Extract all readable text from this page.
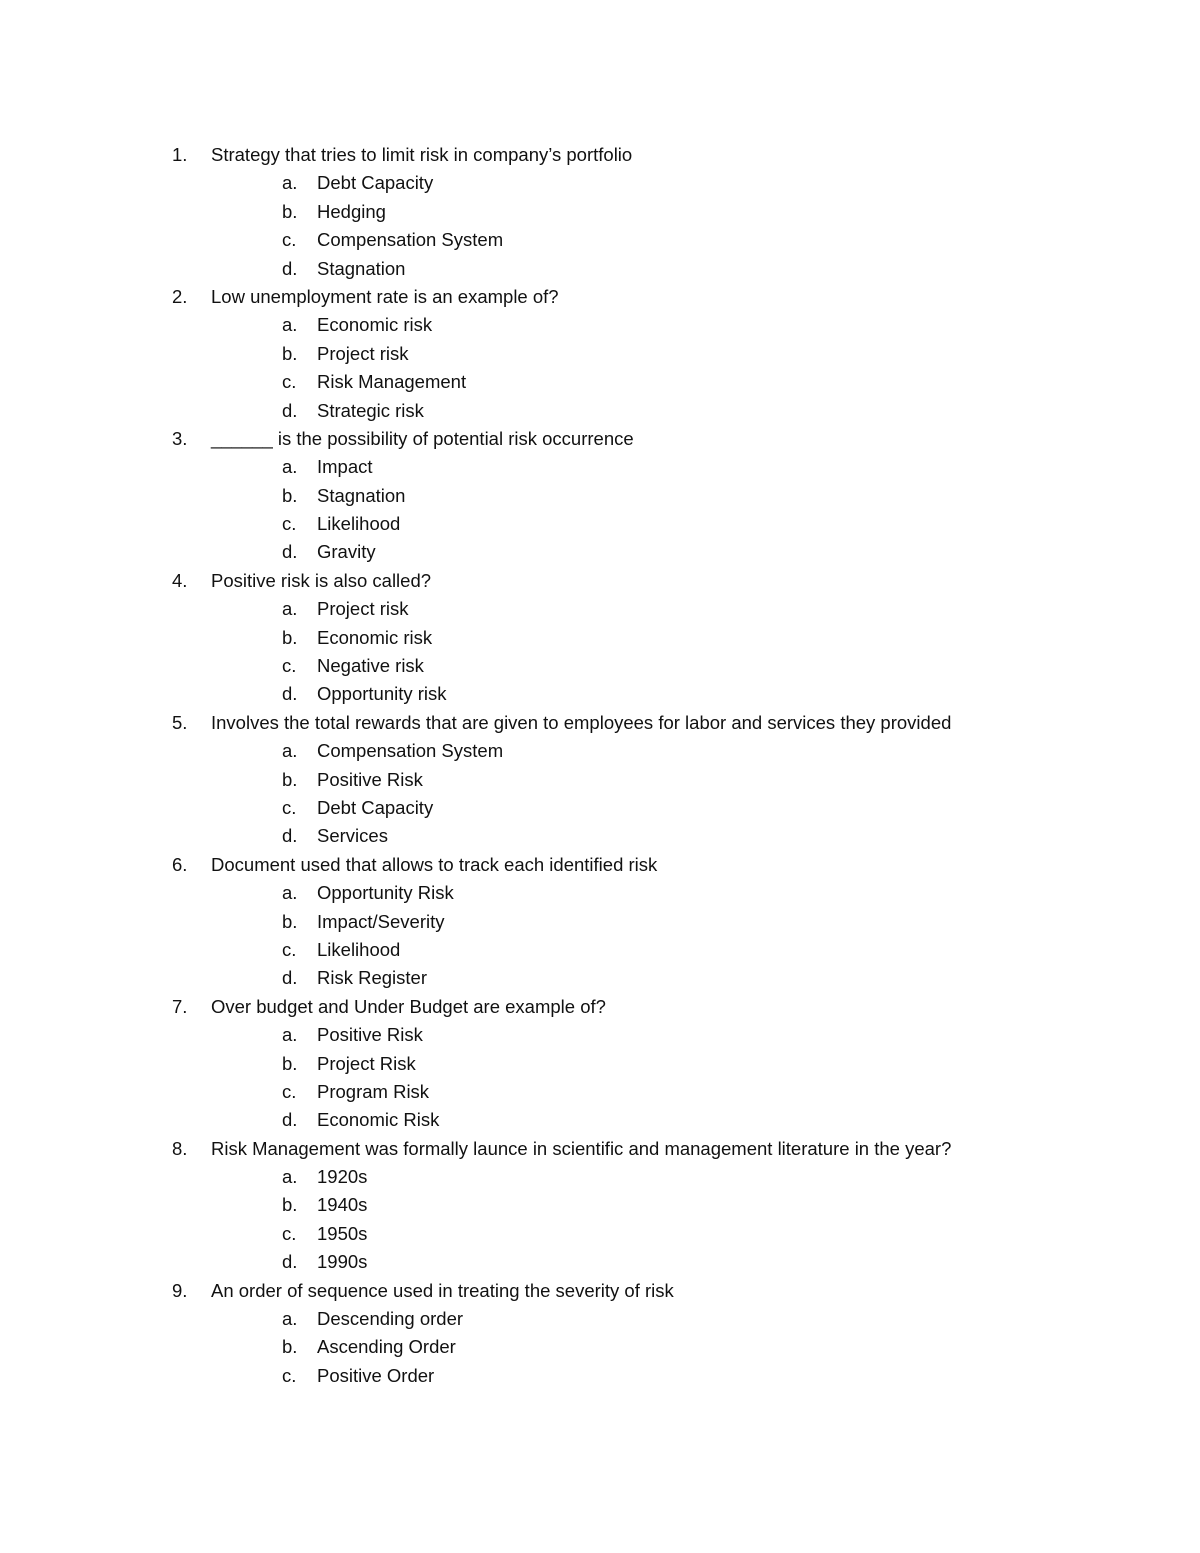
1. Strategy that tries to limit risk in company’s portfolio
a. Debt Capacity
b. Hedging
c. Compensation System
d. Stagnation
2. Low unemployment rate is an example of?
a. Economic risk
b. Project risk
c. Risk Management
d. Strategic risk
3. ______ is the possibility of potential risk occurrence
a. Impact
b. Stagnation
c. Likelihood
d. Gravity
4. Positive risk is also called?
a. Project risk
b. Economic risk
c. Negative risk
d. Opportunity risk
5. Involves the total rewards that are given to employees for labor and services they provided
a. Compensation System
b. Positive Risk
c. Debt Capacity
d. Services
6. Document used that allows to track each identified risk
a. Opportunity Risk
b. Impact/Severity
c. Likelihood
d. Risk Register
7. Over budget and Under Budget are example of?
a. Positive Risk
b. Project Risk
c. Program Risk
d. Economic Risk
8. Risk Management was formally launce in scientific and management literature in the year?
a. 1920s
b. 1940s
c. 1950s
d. 1990s
9. An order of sequence used in treating the severity of risk
a. Descending order
b. Ascending Order
c. Positive Order
